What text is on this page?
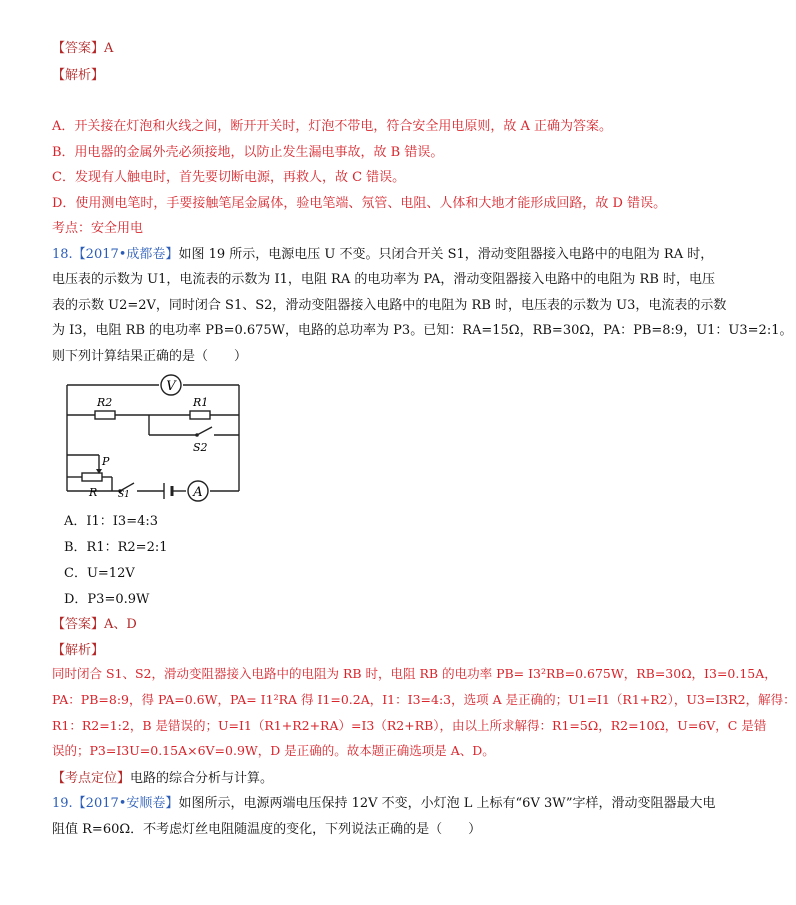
【答案】A
【解析】
A．开关接在灯泡和火线之间，断开开关时，灯泡不带电，符合安全用电原则，故 A 正确为答案。
B．用电器的金属外壳必须接地，以防止发生漏电事故，故 B 错误。
C．发现有人触电时，首先要切断电源，再救人，故 C 错误。
D．使用测电笔时，手要接触笔尾金属体，验电笔端、氖管、电阻、人体和大地才能形成回路，故 D 错误。
考点：安全用电
18.【2017•成都卷】如图 19 所示，电源电压 U 不变。只闭合开关 S1，滑动变阻器接入电路中的电阻为 RA 时，
电压表的示数为 U1，电流表的示数为 I1，电阻 RA 的电功率为 PA，滑动变阻器接入电路中的电阻为 RB 时，电压
表的示数 U2=2V，同时闭合 S1、S2，滑动变阻器接入电路中的电阻为 RB 时，电压表的示数为 U3，电流表的示数
为 I3，电阻 RB 的电功率 PB=0.675W，电路的总功率为 P3。已知：RA=15Ω，RB=30Ω，PA：PB=8:9，U1：U3=2:1。
则下列计算结果正确的是（　　）
V
R2	R1
S2
P
R S1	A
A．I1：I3=4:3
B．R1：R2=2:1
C．U=12V
D．P3=0.9W
【答案】A、D
【解析】
同时闭合 S1、S2，滑动变阻器接入电路中的电阻为 RB 时，电阻 RB 的电功率 PB= I3²RB=0.675W，RB=30Ω，I3=0.15A，
PA：PB=8:9，得 PA=0.6W，PA= I1²RA 得 I1=0.2A，I1：I3=4:3，选项 A 是正确的；U1=I1（R1+R2），U3=I3R2，解得：
R1：R2=1:2，B 是错误的；U=I1（R1+R2+RA）=I3（R2+RB），由以上所求解得：R1=5Ω，R2=10Ω，U=6V，C 是错
误的；P3=I3U=0.15A×6V=0.9W，D 是正确的。故本题正确选项是 A、D。
【考点定位】电路的综合分析与计算。
19.【2017•安顺卷】如图所示，电源两端电压保持 12V 不变，小灯泡 L 上标有“6V 3W”字样，滑动变阻器最大电
阻值 R=60Ω．不考虑灯丝电阻随温度的变化，下列说法正确的是（　　）
